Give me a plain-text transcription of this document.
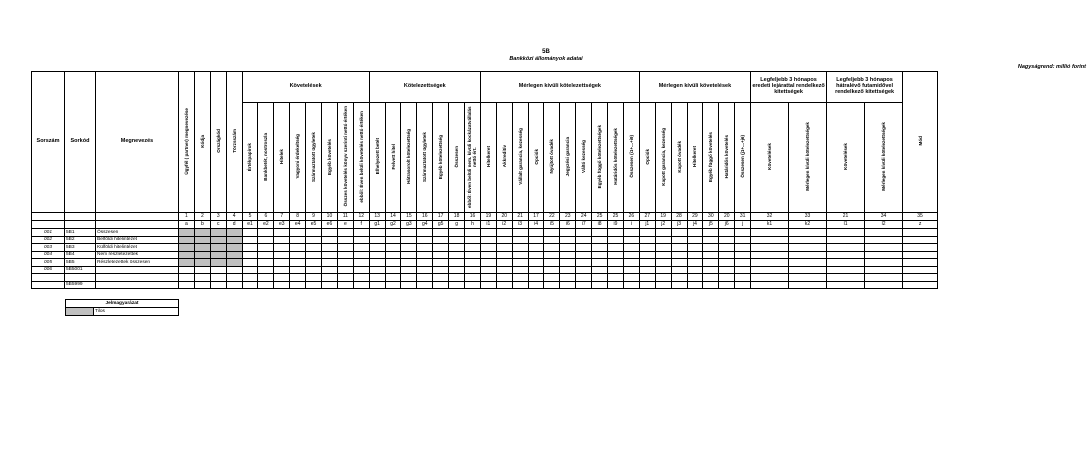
5B
Bankközi állományok adatai
Nagyságrend: millió forint
Sorszám	Sorkód	Megnevezés	Ügyfél ( partner) megnevezése	Kódja	Országkód	Törzsszám	Követelések								Kötelezettségek							Mérlegen kívüli kötelezettségek										Mérlegen kívüli követelések							Legfeljebb 3 hónapos eredeti lejárattal rendelkező kitettségek		Legfeljebb 3 hónapos hátralévő futamidővel rendelkező kitettségek		Mód
							Értékpapírok	Bankbetét, nostroszla	Hitelek	Vagyoni érdekeltség	Származtatott ügyletek	Egyéb követelés	Összes követelés könyv szerinti nettó értéken	ebből: Éven belüli követelés nettó értéken	Elhelyezett betét	Felvett hitel	Hátrasorolt kötelezettség	Származtatott ügyletek	Egyéb kötelezettség	Összesen	ebből: Éven belüli nem. kívüli kockázatvállalás nettó ért.	Hitelkeret	Akkreditív	Vállalt garancia, kezesség	Opciók	Nyújtott óvadék	Jegyzési garancia	Váltó kezesség	Egyéb függő kötelezettségek	Határidős kötelezettségek	Összesen (i1+...+i9)	Opciók	Kapott garancia, kezesség	Kapott óvadék	Hitelkeret	Egyéb függő követelés	Határidős követelés	Összesen (j1+...+j6)	Követelések	Mérlegen kívüli kötelezettségek	Követelések	Mérlegen kívüli kötelezettségek	
			1	2	3	4	5	6	7	8	9	10	11	12	13	14	15	16	17	18	16	19	20	21	17	22	23	24	25	25	26	27	19	28	29	30	20	31	32	33	21	34	35
			a	b	c	d	e1	e2	e3	e4	e5	e6	e	f	g1	g2	g3	g4	g5	g	h	i1	i2	i3	i4	i5	i6	i7	i8	i9	i	j1	j2	j3	j4	j5	j6	j	k1	k2	l1	l2	z
001	5B1	Összesen																																									
002	5B2	Belföldi hitelintézet																																									
003	5B3	Külföldi hitelintézet																																									
004	5B4	Nem részletezettek																																									
005	5B5	Részletezettek összesen																																									
006	5B5001																																										

	5B5999																																										
Jelmagyarázat
	Tilos
